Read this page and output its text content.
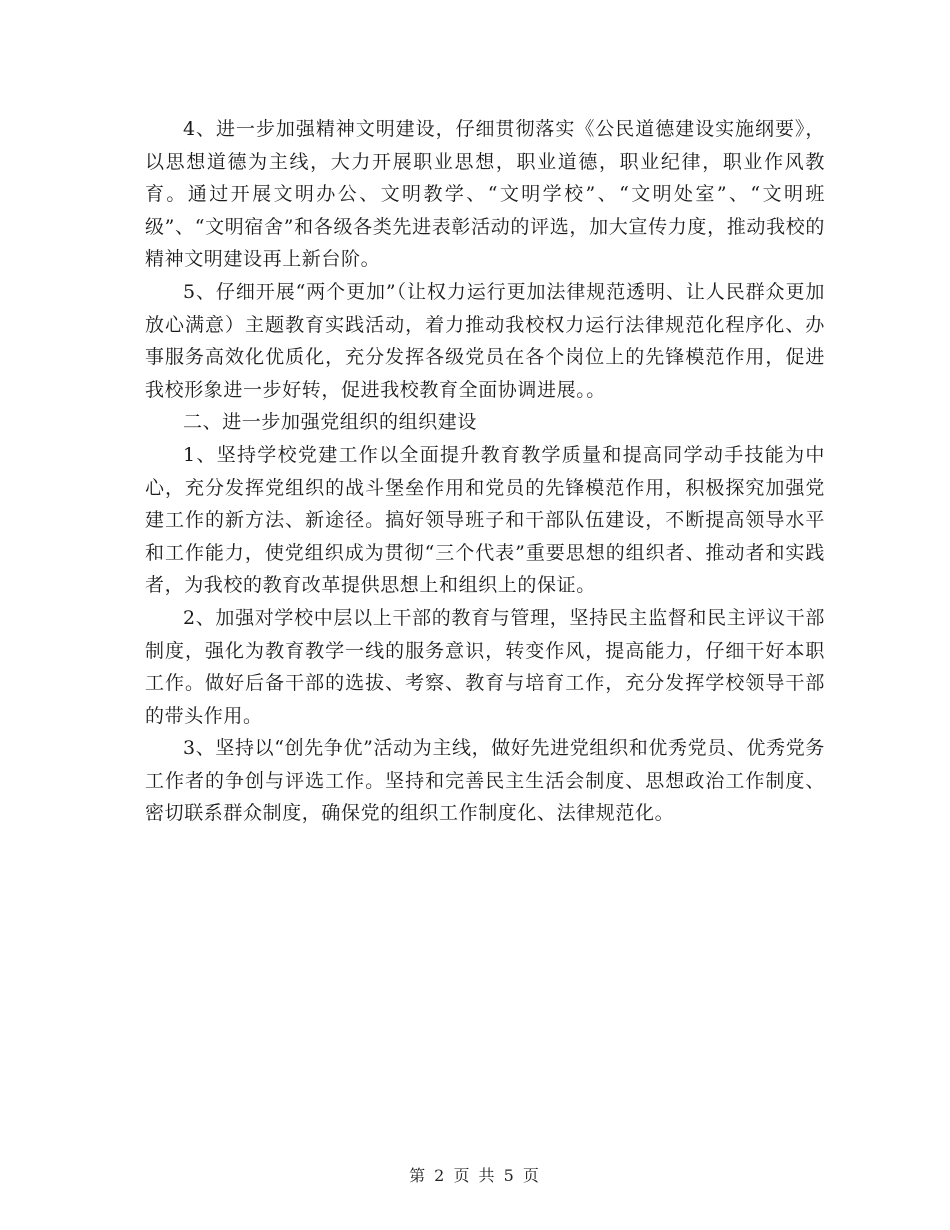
4、进一步加强精神文明建设，仔细贯彻落实《公民道德建设实施纲要》，以思想道德为主线，大力开展职业思想，职业道德，职业纪律，职业作风教育。通过开展文明办公、文明教学、“文明学校”、“文明处室”、“文明班级”、“文明宿舍”和各级各类先进表彰活动的评选，加大宣传力度，推动我校的精神文明建设再上新台阶。

5、仔细开展“两个更加”（让权力运行更加法律规范透明、让人民群众更加放心满意）主题教育实践活动，着力推动我校权力运行法律规范化程序化、办事服务高效化优质化，充分发挥各级党员在各个岗位上的先锋模范作用，促进我校形象进一步好转，促进我校教育全面协调进展。。

二、进一步加强党组织的组织建设

1、坚持学校党建工作以全面提升教育教学质量和提高同学动手技能为中心，充分发挥党组织的战斗堡垒作用和党员的先锋模范作用，积极探究加强党建工作的新方法、新途径。搞好领导班子和干部队伍建设，不断提高领导水平和工作能力，使党组织成为贯彻“三个代表”重要思想的组织者、推动者和实践者，为我校的教育改革提供思想上和组织上的保证。

2、加强对学校中层以上干部的教育与管理，坚持民主监督和民主评议干部制度，强化为教育教学一线的服务意识，转变作风，提高能力，仔细干好本职工作。做好后备干部的选拔、考察、教育与培育工作，充分发挥学校领导干部的带头作用。

3、坚持以“创先争优”活动为主线，做好先进党组织和优秀党员、优秀党务工作者的争创与评选工作。坚持和完善民主生活会制度、思想政治工作制度、密切联系群众制度，确保党的组织工作制度化、法律规范化。

第 2 页 共 5 页
